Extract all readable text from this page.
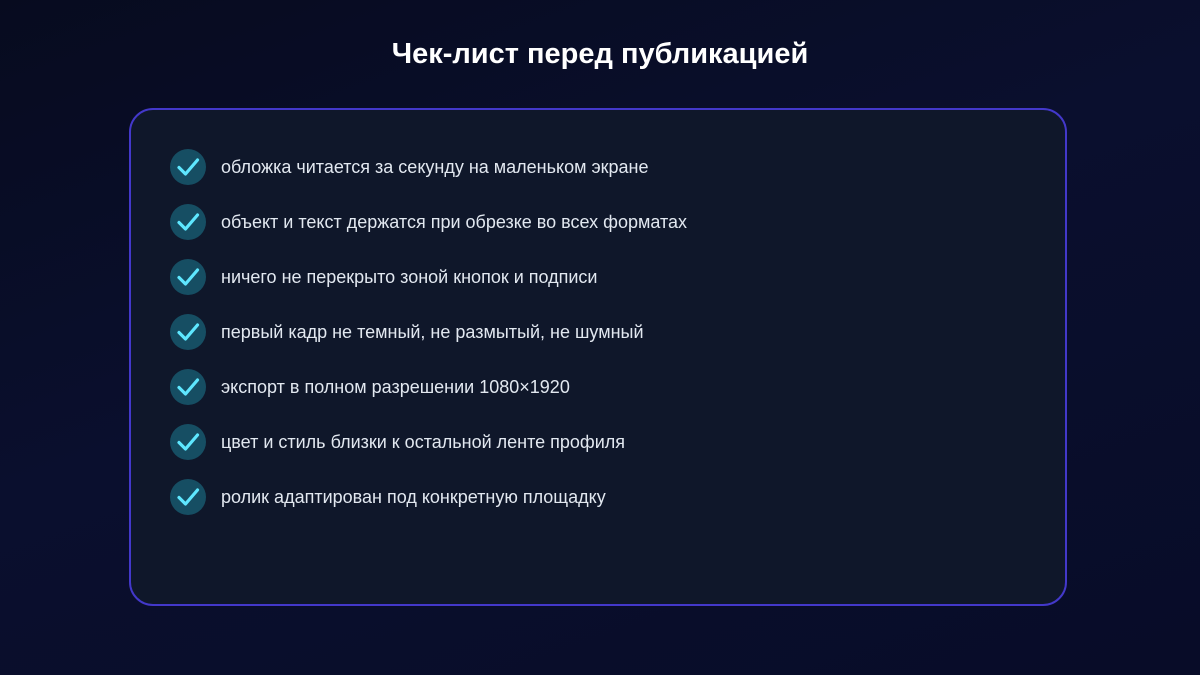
Чек-лист перед публикацией
обложка читается за секунду на маленьком экране
объект и текст держатся при обрезке во всех форматах
ничего не перекрыто зоной кнопок и подписи
первый кадр не темный, не размытый, не шумный
экспорт в полном разрешении 1080×1920
цвет и стиль близки к остальной ленте профиля
ролик адаптирован под конкретную площадку
